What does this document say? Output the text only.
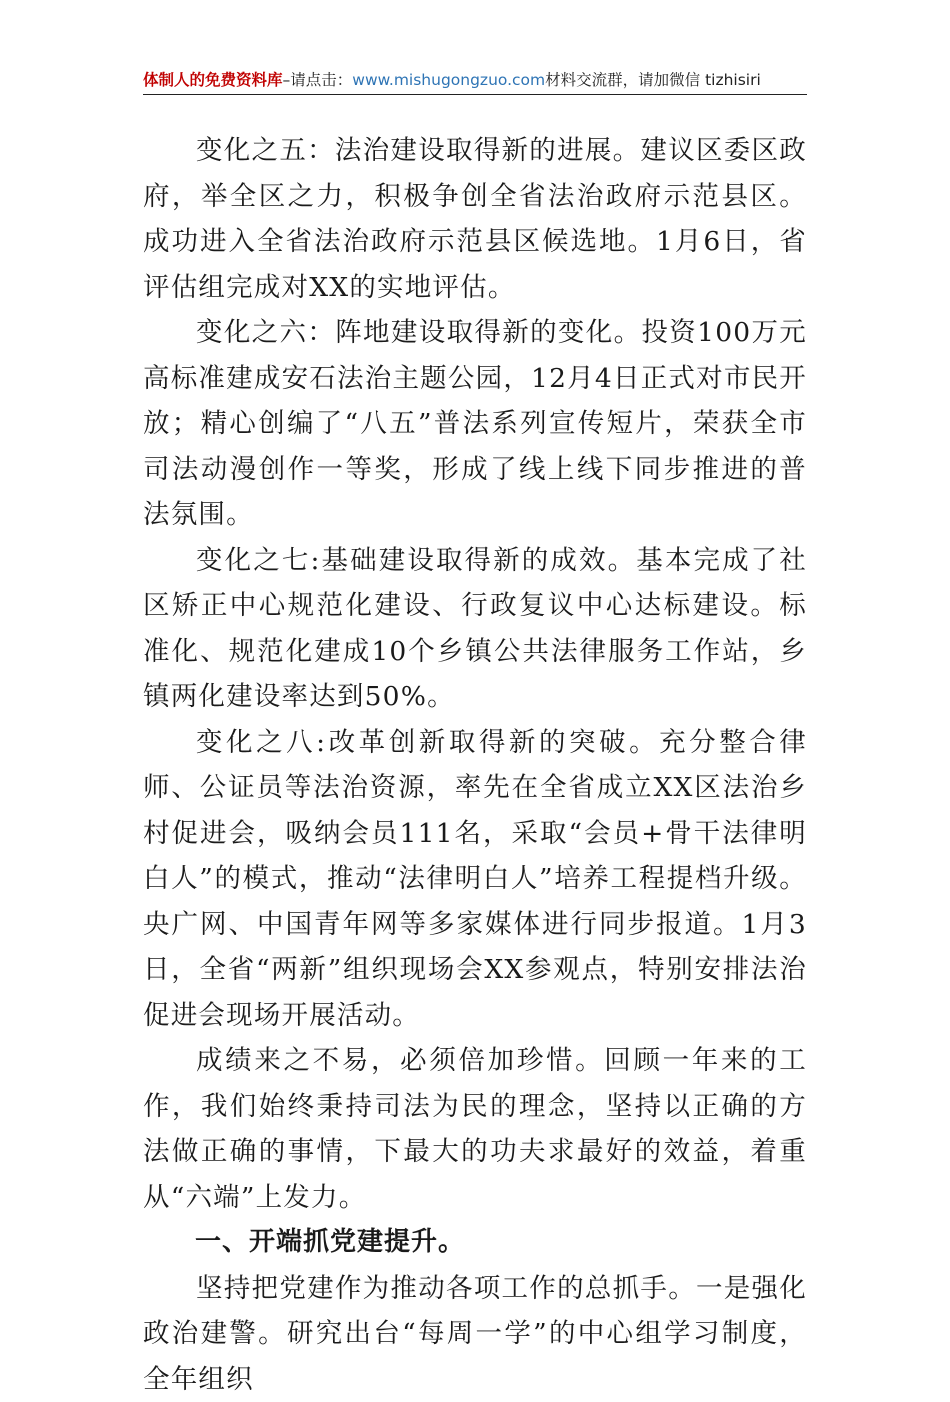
体制人的免费资料库–请点击：www.mishugongzuo.com材料交流群，请加微信 tizhisiri

变化之五：法治建设取得新的进展。建议区委区政府，举全区之力，积极争创全省法治政府示范县区。成功进入全省法治政府示范县区候选地。1月6日，省评估组完成对XX的实地评估。

变化之六：阵地建设取得新的变化。投资100万元高标准建成安石法治主题公园，12月4日正式对市民开放；精心创编了“八五”普法系列宣传短片，荣获全市司法动漫创作一等奖，形成了线上线下同步推进的普法氛围。

变化之七:基础建设取得新的成效。基本完成了社区矫正中心规范化建设、行政复议中心达标建设。标准化、规范化建成10个乡镇公共法律服务工作站，乡镇两化建设率达到50%。

变化之八:改革创新取得新的突破。充分整合律师、公证员等法治资源，率先在全省成立XX区法治乡村促进会，吸纳会员111名，采取“会员+骨干法律明白人”的模式，推动“法律明白人”培养工程提档升级。央广网、中国青年网等多家媒体进行同步报道。1月3日，全省“两新”组织现场会XX参观点，特别安排法治促进会现场开展活动。

成绩来之不易，必须倍加珍惜。回顾一年来的工作，我们始终秉持司法为民的理念，坚持以正确的方法做正确的事情，下最大的功夫求最好的效益，着重从“六端”上发力。

一、开端抓党建提升。

坚持把党建作为推动各项工作的总抓手。一是强化政治建警。研究出台“每周一学”的中心组学习制度，全年组织
